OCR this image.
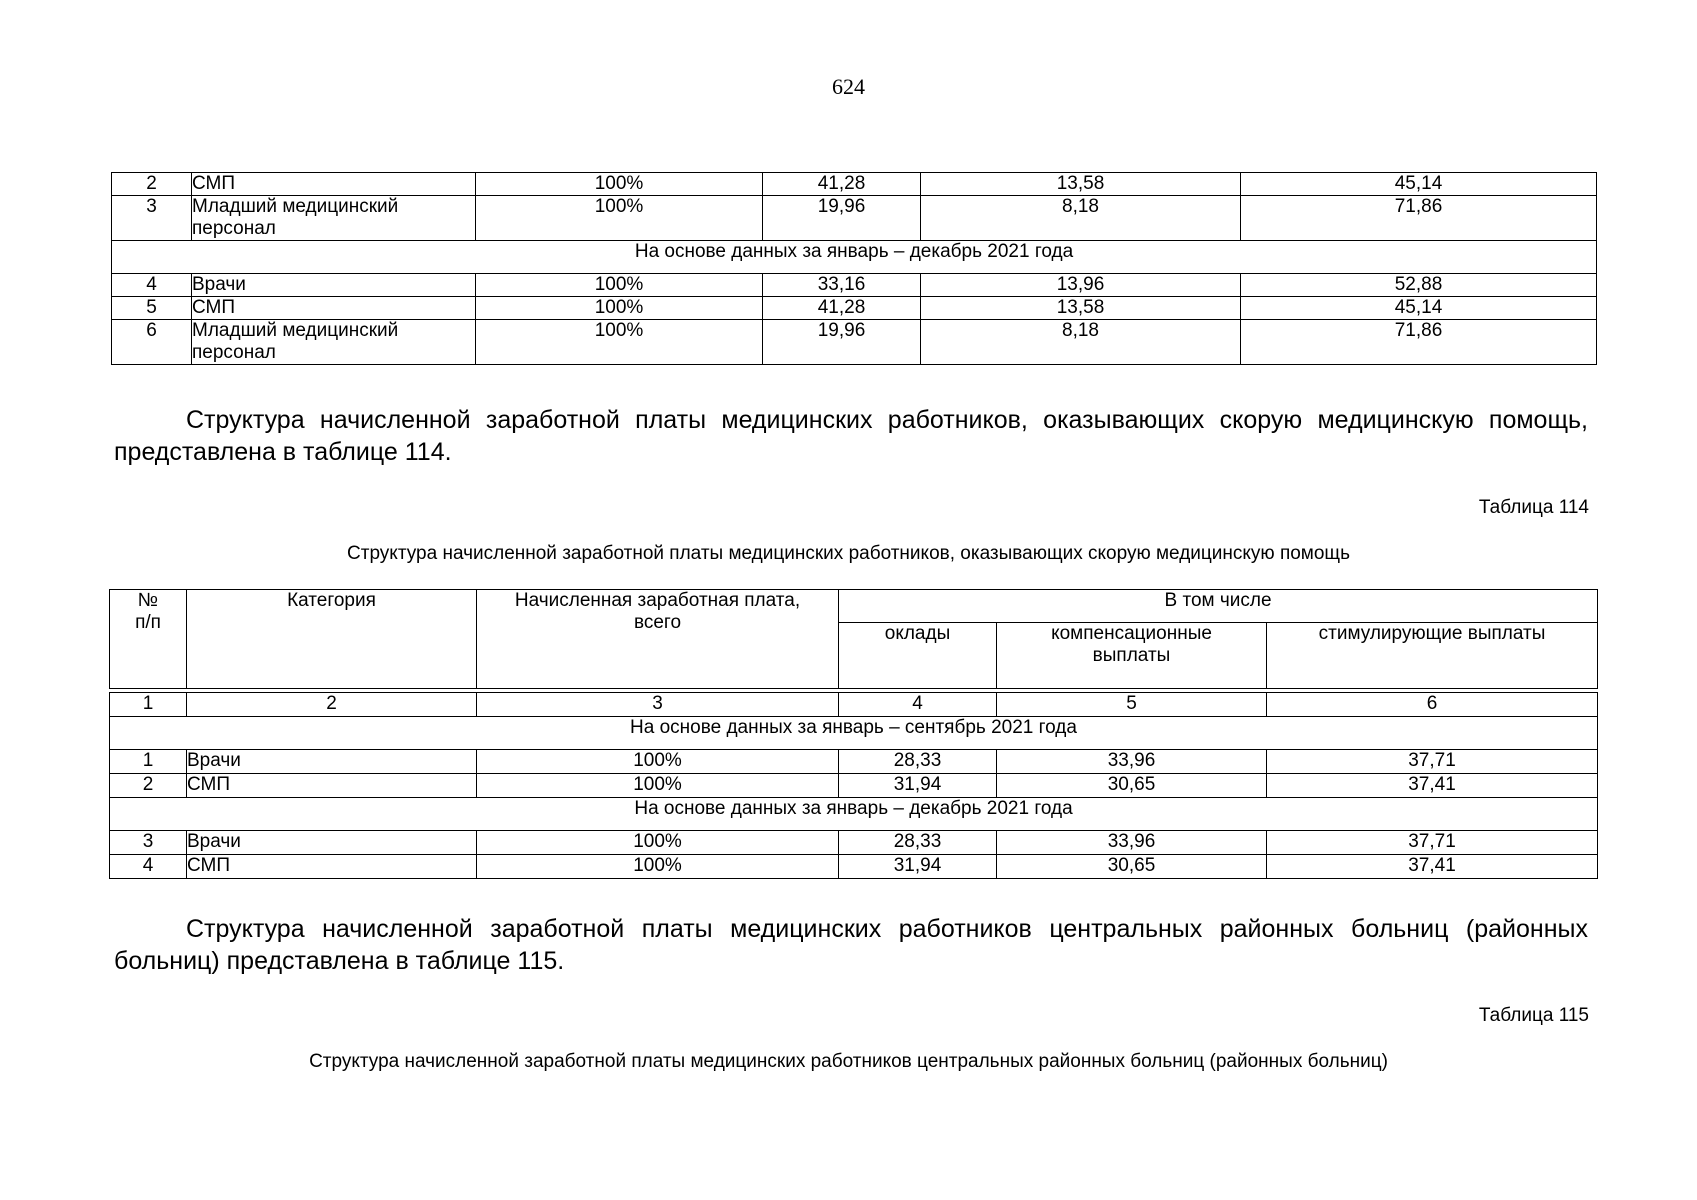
624
2	СМП	100%	41,28	13,58	45,14
3	Младший медицинский персонал	100%	19,96	8,18	71,86
На основе данных за январь – декабрь 2021 года					
4	Врачи	100%	33,16	13,96	52,88
5	СМП	100%	41,28	13,58	45,14
6	Младший медицинский персонал	100%	19,96	8,18	71,86
Структура начисленной заработной платы медицинских работников, оказывающих скорую медицинскую помощь, представлена в таблице 114.
Таблица 114
Структура начисленной заработной платы медицинских работников, оказывающих скорую медицинскую помощь
№ п/п	Категория	Начисленная заработная плата, всего	В том числе		
			оклады	компенсационные выплаты	стимулирующие выплаты

1	2	3	4	5	6
На основе данных за январь – сентябрь 2021 года					
1	Врачи	100%	28,33	33,96	37,71
2	СМП	100%	31,94	30,65	37,41
На основе данных за январь – декабрь 2021 года					
3	Врачи	100%	28,33	33,96	37,71
4	СМП	100%	31,94	30,65	37,41
Структура начисленной заработной платы медицинских работников центральных районных больниц (районных больниц) представлена в таблице 115.
Таблица 115
Структура начисленной заработной платы медицинских работников центральных районных больниц (районных больниц)
